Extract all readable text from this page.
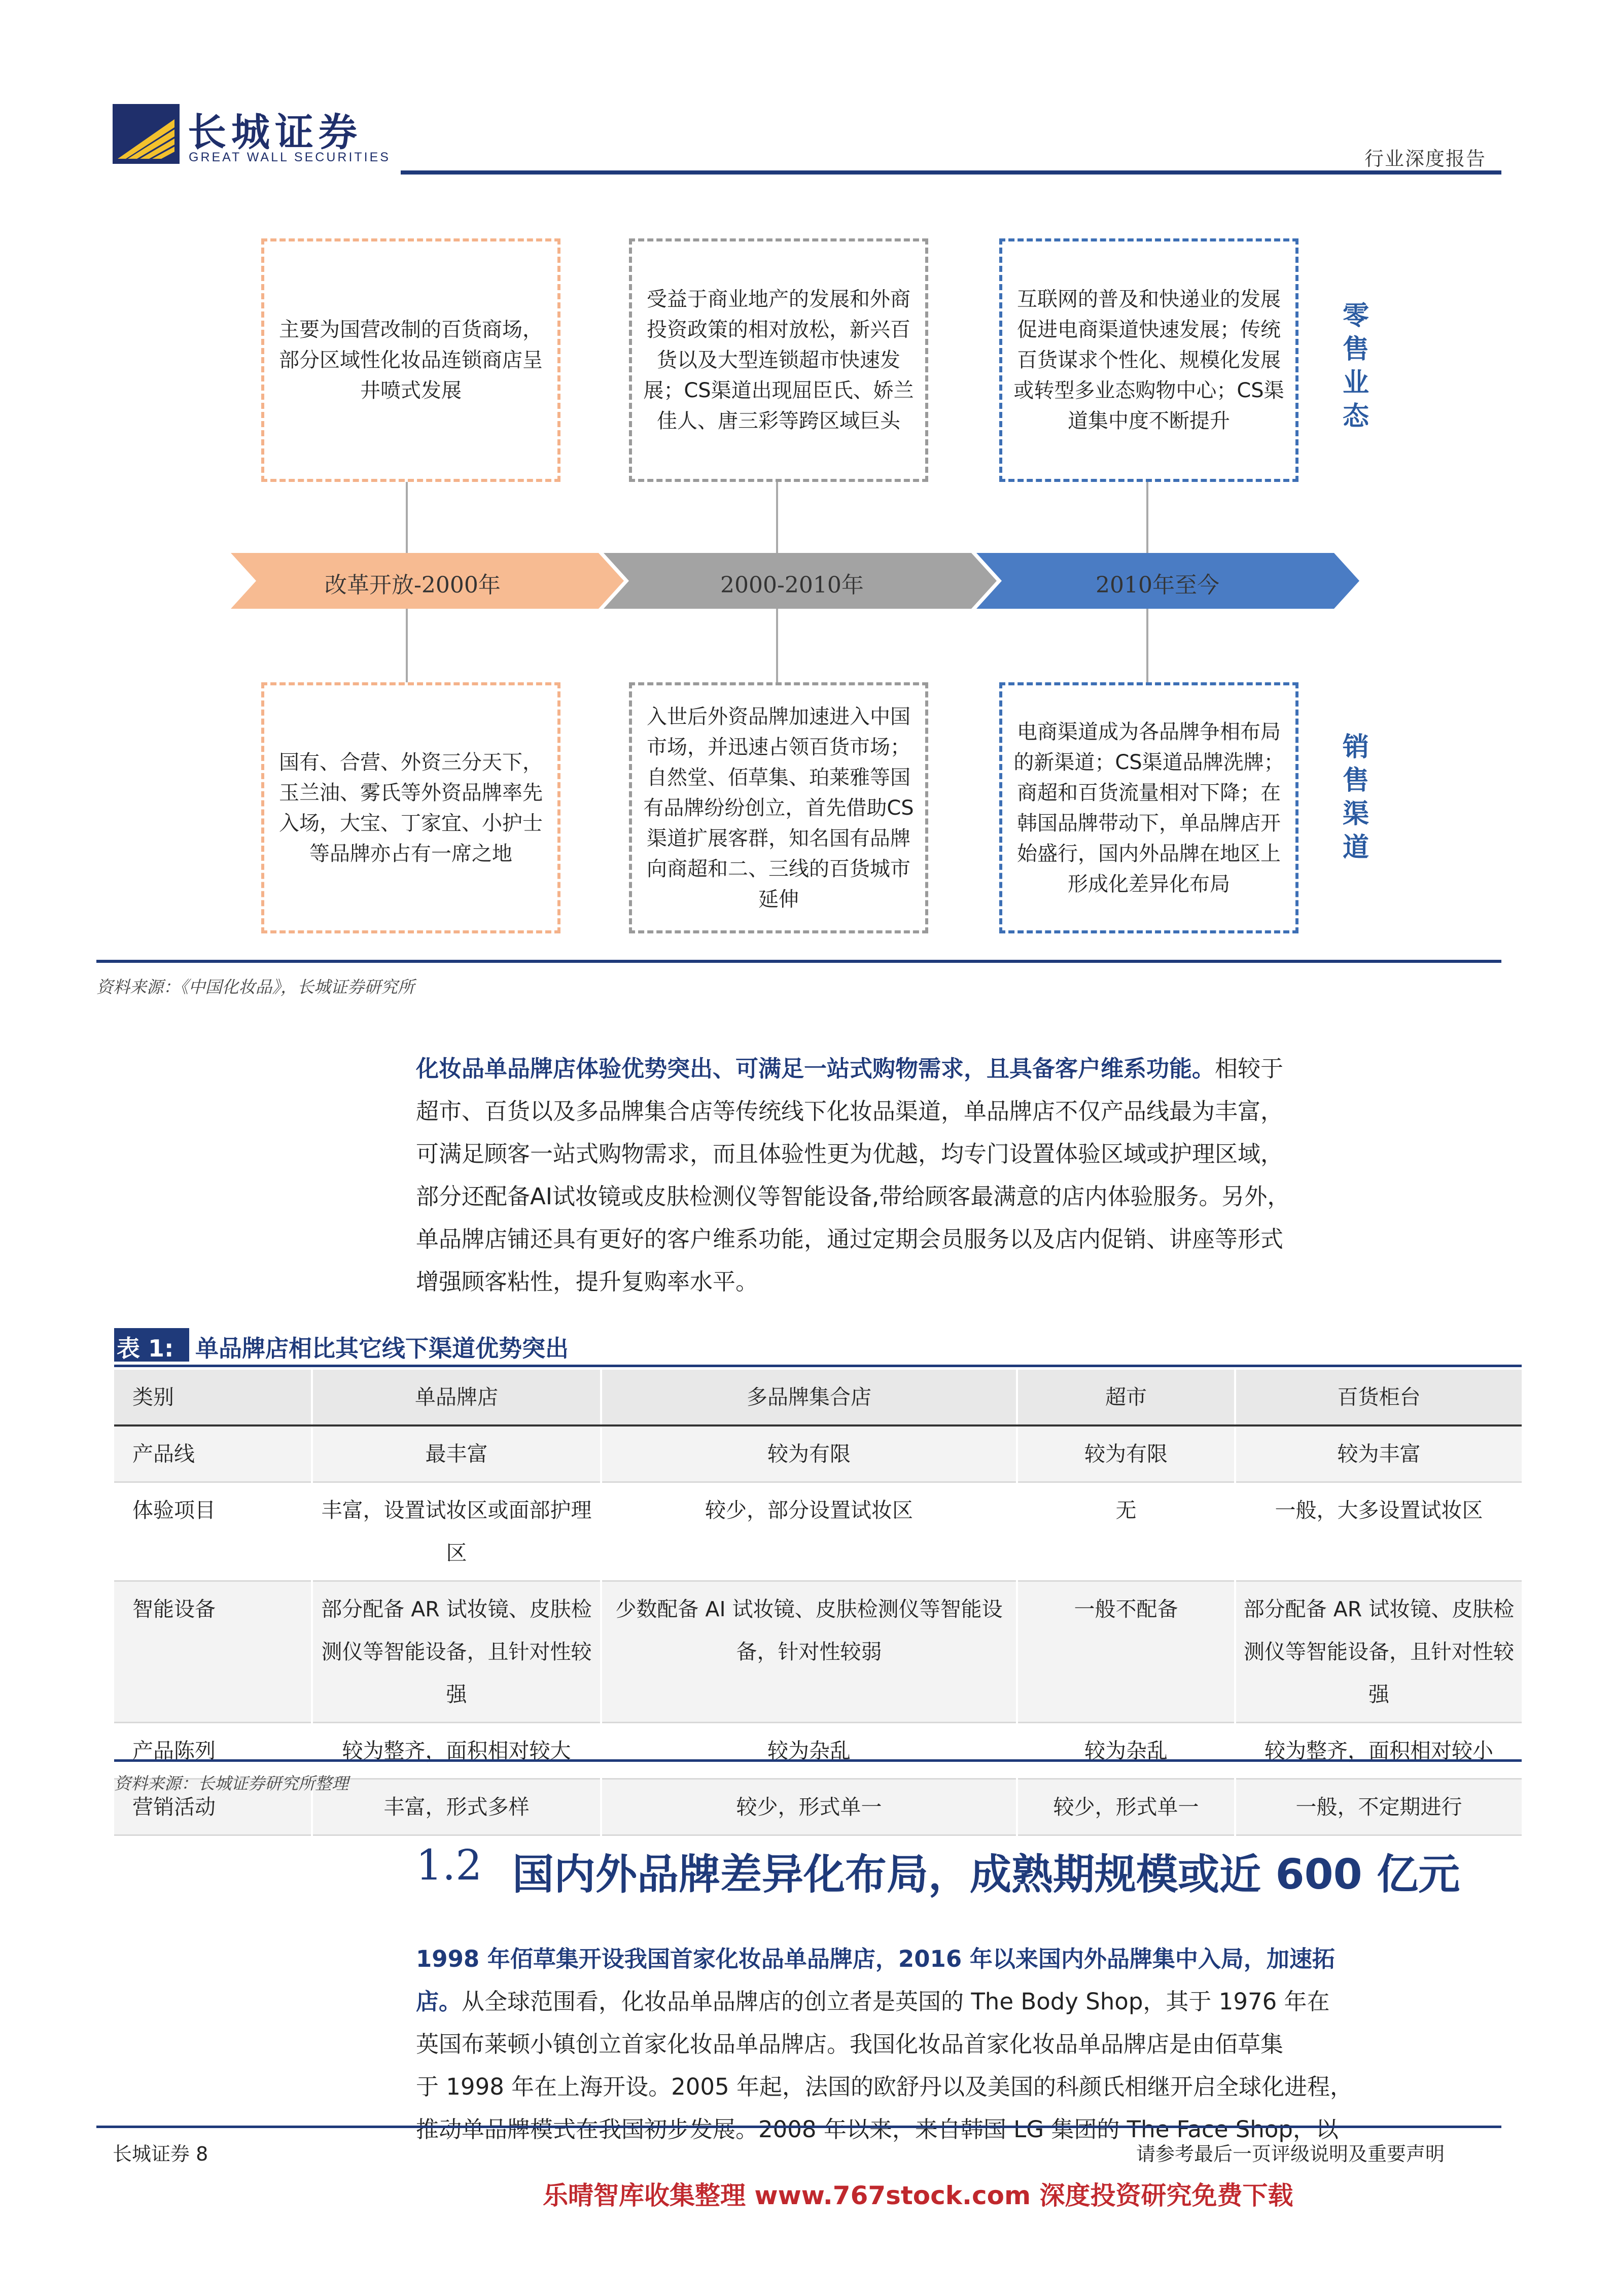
长城证券
GREAT WALL SECURITIES	行业深度报告
主要为国营改制的百货商场，部分区域性化妆品连锁商店呈井喷式发展
受益于商业地产的发展和外商投资政策的相对放松，新兴百货以及大型连锁超市快速发展；CS渠道出现屈臣氏、娇兰佳人、唐三彩等跨区域巨头
互联网的普及和快递业的发展促进电商渠道快速发展；传统百货谋求个性化、规模化发展或转型多业态购物中心；CS渠道集中度不断提升
零售业态
改革开放-2000年	2000-2010年	2010年至今
国有、合营、外资三分天下，玉兰油、雾氏等外资品牌率先入场，大宝、丁家宜、小护士等品牌亦占有一席之地
入世后外资品牌加速进入中国市场，并迅速占领百货市场；自然堂、佰草集、珀莱雅等国有品牌纷纷创立，首先借助CS渠道扩展客群，知名国有品牌向商超和二、三线的百货城市延伸
电商渠道成为各品牌争相布局的新渠道；CS渠道品牌洗牌；商超和百货流量相对下降；在韩国品牌带动下，单品牌店开始盛行，国内外品牌在地区上形成化差异化布局
销售渠道
资料来源：《中国化妆品》，长城证券研究所
化妆品单品牌店体验优势突出、可满足一站式购物需求，且具备客户维系功能。相较于
超市、百货以及多品牌集合店等传统线下化妆品渠道，单品牌店不仅产品线最为丰富，
可满足顾客一站式购物需求，而且体验性更为优越，均专门设置体验区域或护理区域，
部分还配备AI试妆镜或皮肤检测仪等智能设备,带给顾客最满意的店内体验服务。另外，
单品牌店铺还具有更好的客户维系功能，通过定期会员服务以及店内促销、讲座等形式
增强顾客粘性，提升复购率水平。
表 1: 单品牌店相比其它线下渠道优势突出
类别	单品牌店	多品牌集合店	超市	百货柜台
产品线	最丰富	较为有限	较为有限	较为丰富
体验项目	丰富，设置试妆区或面部护理区	较少，部分设置试妆区	无	一般，大多设置试妆区
智能设备	部分配备 AR 试妆镜、皮肤检测仪等智能设备，且针对性较强	少数配备 AI 试妆镜、皮肤检测仪等智能设备，针对性较弱	一般不配备	部分配备 AR 试妆镜、皮肤检测仪等智能设备，且针对性较强
产品陈列	较为整齐，面积相对较大	较为杂乱	较为杂乱	较为整齐，面积相对较小
营销活动	丰富，形式多样	较少，形式单一	较少，形式单一	一般，不定期进行
资料来源：长城证券研究所整理
1.2 国内外品牌差异化布局，成熟期规模或近 600 亿元
1998 年佰草集开设我国首家化妆品单品牌店，2016 年以来国内外品牌集中入局，加速拓
店。从全球范围看，化妆品单品牌店的创立者是英国的 The Body Shop，其于 1976 年在
英国布莱顿小镇创立首家化妆品单品牌店。我国化妆品首家化妆品单品牌店是由佰草集
于 1998 年在上海开设。2005 年起，法国的欧舒丹以及美国的科颜氏相继开启全球化进程，
推动单品牌模式在我国初步发展。2008 年以来，来自韩国 LG 集团的 The Face Shop，以
长城证券 8	请参考最后一页评级说明及重要声明
乐晴智库收集整理 www.767stock.com 深度投资研究免费下载
